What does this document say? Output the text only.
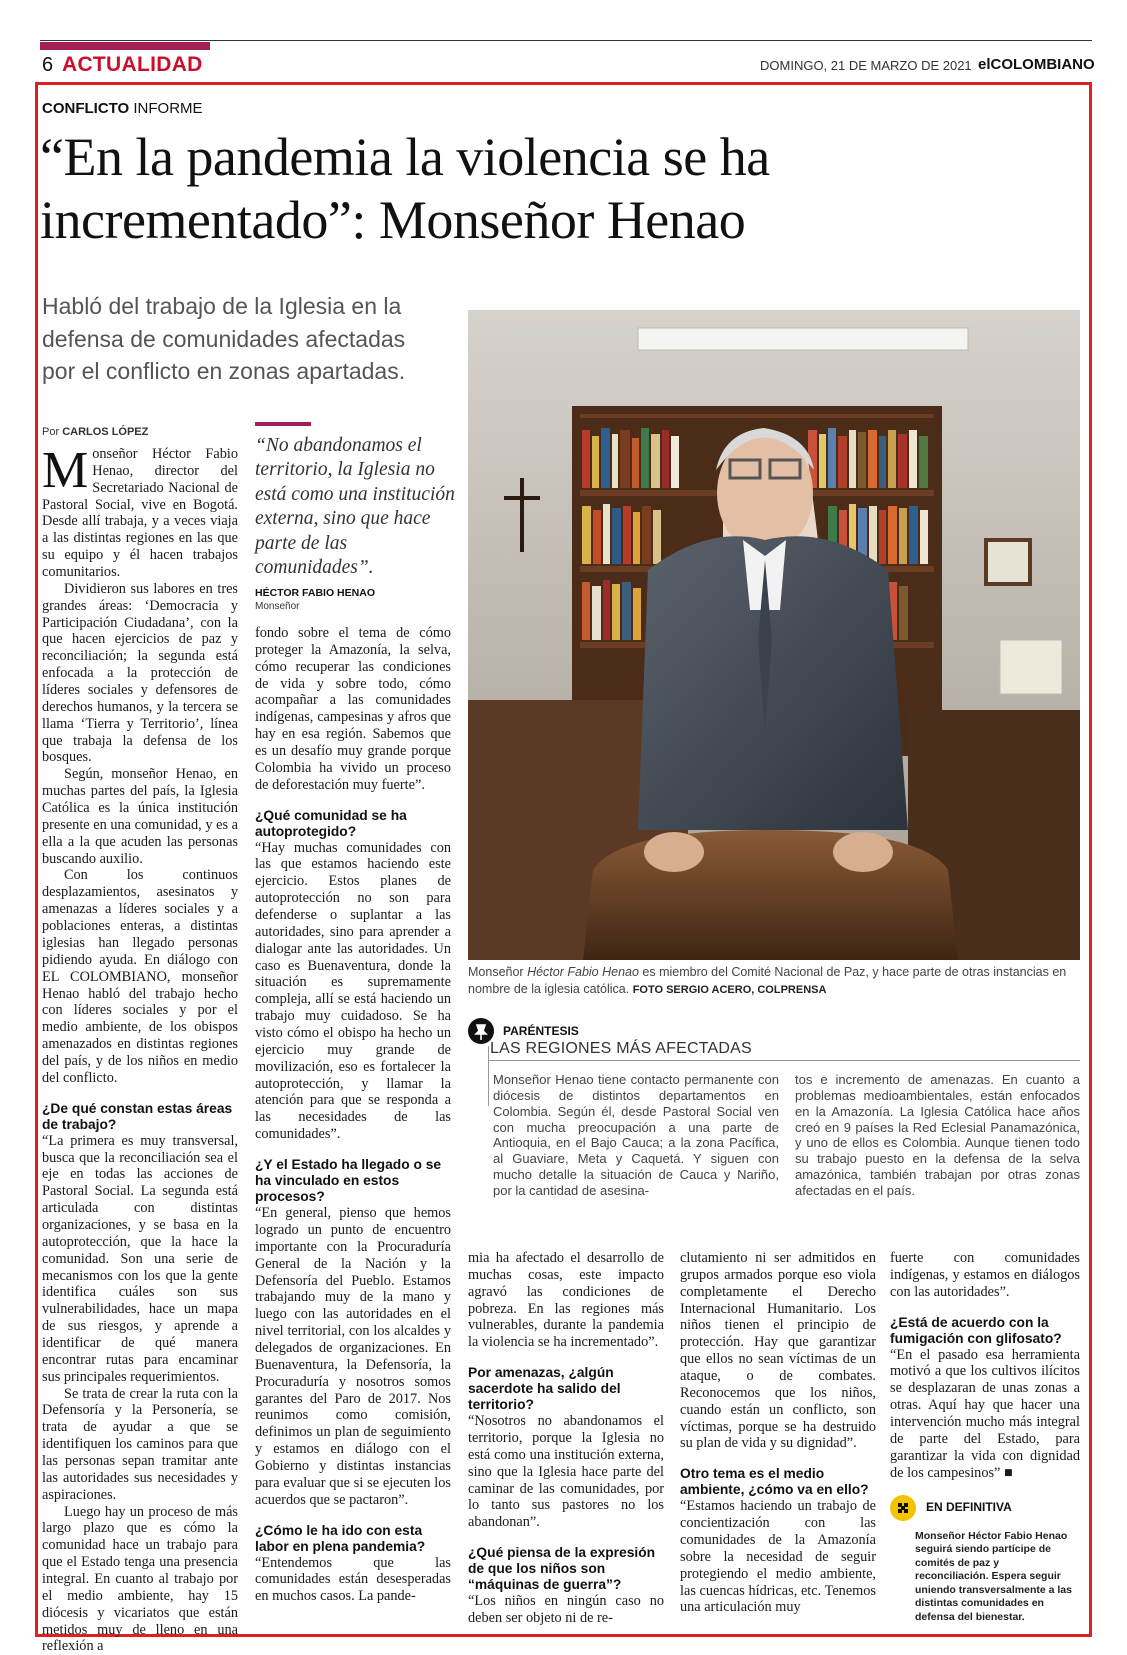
6 ACTUALIDAD	DOMINGO, 21 DE MARZO DE 2021 elCOLOMBIANO
CONFLICTO INFORME
“En la pandemia la violencia se ha incrementado”: Monseñor Henao
Habló del trabajo de la Iglesia en la defensa de comunidades afectadas por el conflicto en zonas apartadas.
Monseñor Héctor Fabio Henao es miembro del Comité Nacional de Paz, y hace parte de otras instancias en nombre de la iglesia católica. FOTO SERGIO ACERO, COLPRENSA
Por CARLOS LÓPEZ

Monseñor Héctor Fabio Henao, director del Secretariado Nacional de Pastoral Social, vive en Bogotá. Desde allí trabaja, y a veces viaja a las distintas regiones en las que su equipo y él hacen trabajos comunitarios.

Dividieron sus labores en tres grandes áreas: ‘Democracia y Participación Ciudadana’, con la que hacen ejercicios de paz y reconciliación; la segunda está enfocada a la protección de líderes sociales y defensores de derechos humanos, y la tercera se llama ‘Tierra y Territorio’, línea que trabaja la defensa de los bosques.

Según, monseñor Henao, en muchas partes del país, la Iglesia Católica es la única institución presente en una comunidad, y es a ella a la que acuden las personas buscando auxilio.

Con los continuos desplazamientos, asesinatos y amenazas a líderes sociales y a poblaciones enteras, a distintas iglesias han llegado personas pidiendo ayuda. En diálogo con EL COLOMBIANO, monseñor Henao habló del trabajo hecho con líderes sociales y por el medio ambiente, de los obispos amenazados en distintas regiones del país, y de los niños en medio del conflicto.

¿De qué constan estas áreas de trabajo?

“La primera es muy transversal, busca que la reconciliación sea el eje en todas las acciones de Pastoral Social. La segunda está articulada con distintas organizaciones, y se basa en la autoprotección, que la hace la comunidad. Son una serie de mecanismos con los que la gente identifica cuáles son sus vulnerabilidades, hace un mapa de sus riesgos, y aprende a identificar de qué manera encontrar rutas para encaminar sus principales requerimientos.

Se trata de crear la ruta con la Defensoría y la Personería, se trata de ayudar a que se identifiquen los caminos para que las personas sepan tramitar ante las autoridades sus necesidades y aspiraciones.

Luego hay un proceso de más largo plazo que es cómo la comunidad hace un trabajo para que el Estado tenga una presencia integral. En cuanto al trabajo por el medio ambiente, hay 15 diócesis y vicariatos que están metidos muy de lleno en una reflexión a

“No abandonamos el territorio, la Iglesia no está como una institución externa, sino que hace parte de las comunidades”.
HÉCTOR FABIO HENAO
Monseñor

fondo sobre el tema de cómo proteger la Amazonía, la selva, cómo recuperar las condiciones de vida y sobre todo, cómo acompañar a las comunidades indígenas, campesinas y afros que hay en esa región. Sabemos que es un desafío muy grande porque Colombia ha vivido un proceso de deforestación muy fuerte”.

¿Qué comunidad se ha autoprotegido?

“Hay muchas comunidades con las que estamos haciendo este ejercicio. Estos planes de autoprotección no son para defenderse o suplantar a las autoridades, sino para aprender a dialogar ante las autoridades. Un caso es Buenaventura, donde la situación es supremamente compleja, allí se está haciendo un trabajo muy cuidadoso. Se ha visto cómo el obispo ha hecho un ejercicio muy grande de movilización, eso es fortalecer la autoprotección, y llamar la atención para que se responda a las necesidades de las comunidades”.

¿Y el Estado ha llegado o se ha vinculado en estos procesos?

“En general, pienso que hemos logrado un punto de encuentro importante con la Procuraduría General de la Nación y la Defensoría del Pueblo. Estamos trabajando muy de la mano y luego con las autoridades en el nivel territorial, con los alcaldes y delegados de organizaciones. En Buenaventura, la Defensoría, la Procuraduría y nosotros somos garantes del Paro de 2017. Nos reunimos como comisión, definimos un plan de seguimiento y estamos en diálogo con el Gobierno y distintas instancias para evaluar que si se ejecuten los acuerdos que se pactaron”.

¿Cómo le ha ido con esta labor en plena pandemia?

“Entendemos que las comunidades están desesperadas en muchos casos. La pande-

PARÉNTESIS
LAS REGIONES MÁS AFECTADAS
Monseñor Henao tiene contacto permanente con diócesis de distintos departamentos en Colombia. Según él, desde Pastoral Social ven con mucha preocupación a una parte de Antioquia, en el Bajo Cauca; a la zona Pacífica, al Guaviare, Meta y Caquetá. Y siguen con mucho detalle la situación de Cauca y Nariño, por la cantidad de asesina-
tos e incremento de amenazas. En cuanto a problemas medioambientales, están enfocados en la Amazonía. La Iglesia Católica hace años creó en 9 países la Red Eclesial Panamazónica, y uno de ellos es Colombia. Aunque tienen todo su trabajo puesto en la defensa de la selva amazónica, también trabajan por otras zonas afectadas en el país.

mia ha afectado el desarrollo de muchas cosas, este impacto agravó las condiciones de pobreza. En las regiones más vulnerables, durante la pandemia la violencia se ha incrementado”.

Por amenazas, ¿algún sacerdote ha salido del territorio?

“Nosotros no abandonamos el territorio, porque la Iglesia no está como una institución externa, sino que la Iglesia hace parte del caminar de las comunidades, por lo tanto sus pastores no los abandonan”.

¿Qué piensa de la expresión de que los niños son “máquinas de guerra”?

“Los niños en ningún caso no deben ser objeto ni de re-

clutamiento ni ser admitidos en grupos armados porque eso viola completamente el Derecho Internacional Humanitario. Los niños tienen el principio de protección. Hay que garantizar que ellos no sean víctimas de un ataque, o de combates. Reconocemos que los niños, cuando están un conflicto, son víctimas, porque se ha destruido su plan de vida y su dignidad”.

Otro tema es el medio ambiente, ¿cómo va en ello?

“Estamos haciendo un trabajo de concientización con las comunidades de la Amazonía sobre la necesidad de seguir protegiendo el medio ambiente, las cuencas hídricas, etc. Tenemos una articulación muy

fuerte con comunidades indígenas, y estamos en diálogos con las autoridades”.

¿Está de acuerdo con la fumigación con glifosato?

“En el pasado esa herramienta motivó a que los cultivos ilícitos se desplazaran de unas zonas a otras. Aquí hay que hacer una intervención mucho más integral de parte del Estado, para garantizar la vida con dignidad de los campesinos” ■

EN DEFINITIVA
Monseñor Héctor Fabio Henao seguirá siendo partícipe de comités de paz y reconciliación. Espera seguir uniendo transversalmente a las distintas comunidades en defensa del bienestar.
